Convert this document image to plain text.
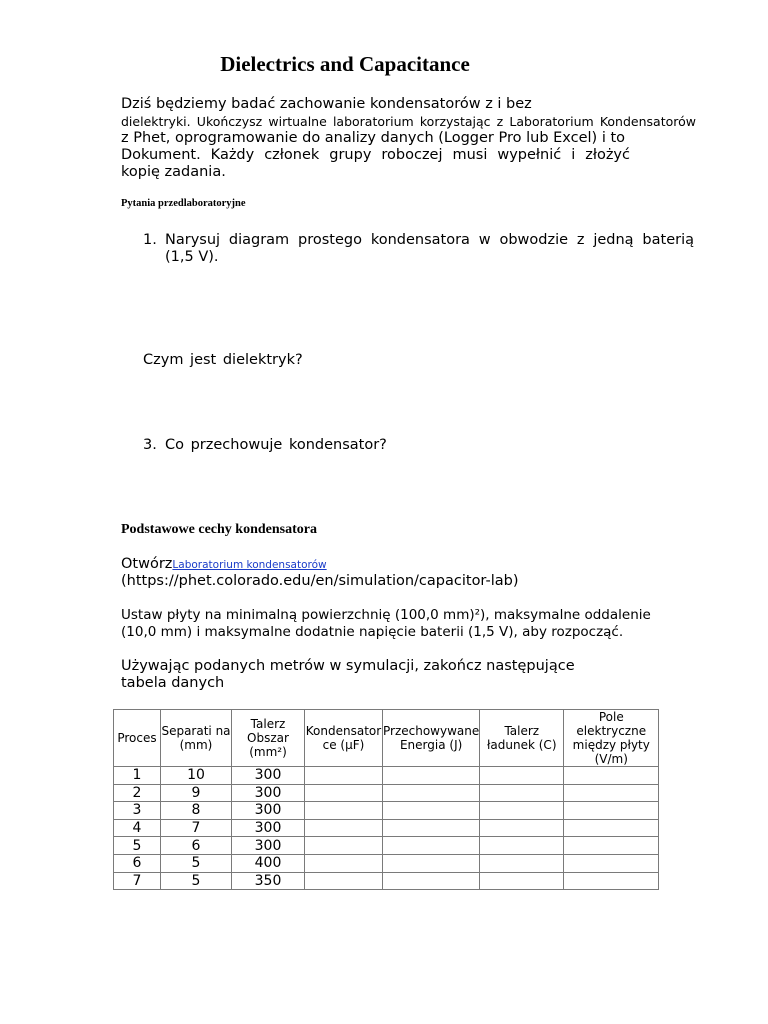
Dielectrics and Capacitance
Dziś będziemy badać zachowanie kondensatorów z i bez
dielektryki. Ukończysz wirtualne laboratorium korzystając z Laboratorium Kondensatorów
z Phet, oprogramowanie do analizy danych (Logger Pro lub Excel) i to
Dokument. Każdy członek grupy roboczej musi wypełnić i złożyć
kopię zadania.
Pytania przedlaboratoryjne
1. Narysuj diagram prostego kondensatora w obwodzie z jedną baterią
(1,5 V).
Czym jest dielektryk?
3. Co przechowuje kondensator?
Podstawowe cechy kondensatora
OtwórzLaboratorium kondensatorów
(https://phet.colorado.edu/en/simulation/capacitor-lab)
Ustaw płyty na minimalną powierzchnię (100,0 mm)²), maksymalne oddalenie
(10,0 mm) i maksymalne dodatnie napięcie baterii (1,5 V), aby rozpocząć.
Używając podanych metrów w symulacji, zakończ następujące
tabela danych
Proces	Separati na (mm)	Talerz Obszar (mm²)	Kondensator ce (µF)	Przechowywane Energia (J)	Talerz ładunek (C)	Pole elektryczne między płyty (V/m)
1	10	300				
2	9	300				
3	8	300				
4	7	300				
5	6	300				
6	5	400				
7	5	350				
